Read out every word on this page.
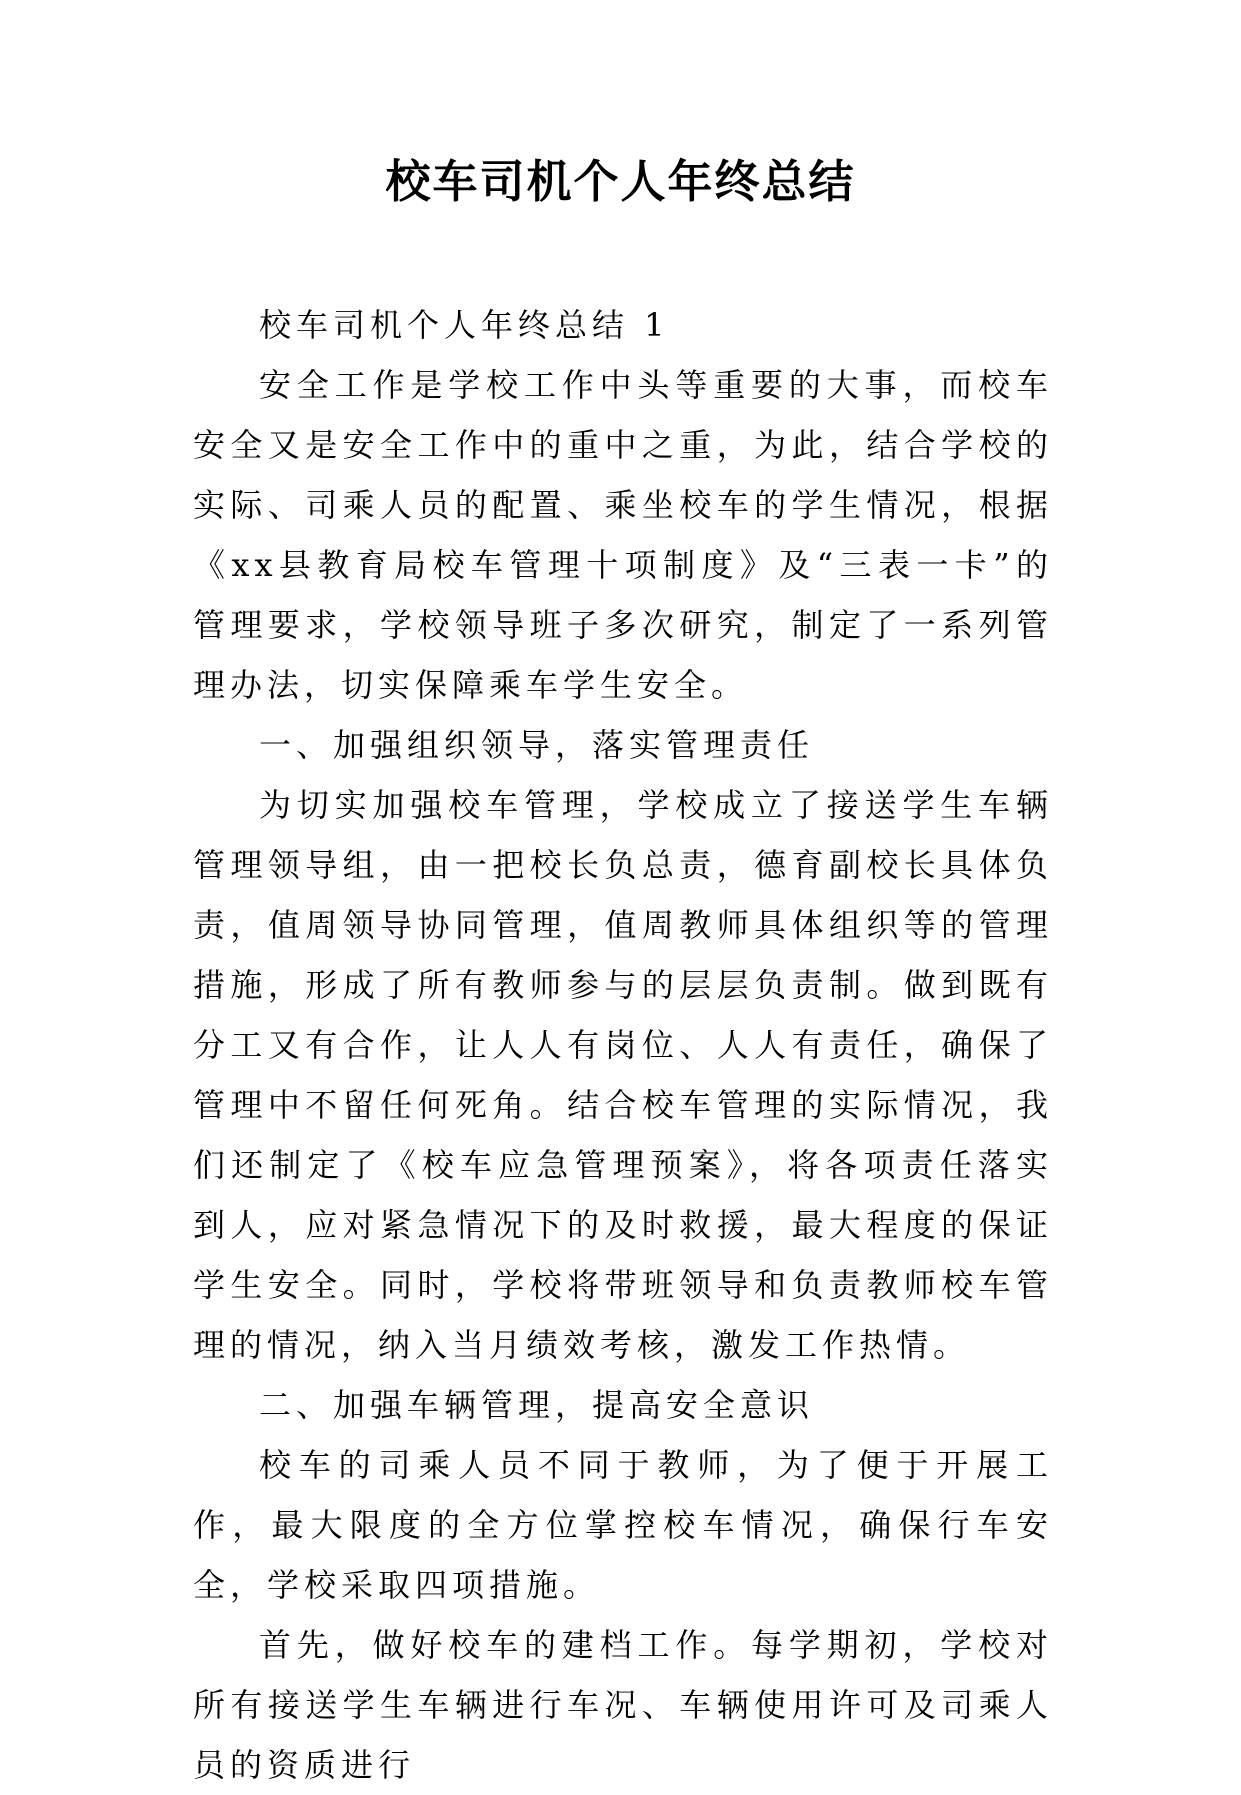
校车司机个人年终总结

校车司机个人年终总结 1

安全工作是学校工作中头等重要的大事，而校车安全又是安全工作中的重中之重，为此，结合学校的实际、司乘人员的配置、乘坐校车的学生情况，根据《xx县教育局校车管理十项制度》及“三表一卡”的管理要求，学校领导班子多次研究，制定了一系列管理办法，切实保障乘车学生安全。

一、加强组织领导，落实管理责任

为切实加强校车管理，学校成立了接送学生车辆管理领导组，由一把校长负总责，德育副校长具体负责，值周领导协同管理，值周教师具体组织等的管理措施，形成了所有教师参与的层层负责制。做到既有分工又有合作，让人人有岗位、人人有责任，确保了管理中不留任何死角。结合校车管理的实际情况，我们还制定了《校车应急管理预案》，将各项责任落实到人，应对紧急情况下的及时救援，最大程度的保证学生安全。同时，学校将带班领导和负责教师校车管理的情况，纳入当月绩效考核，激发工作热情。

二、加强车辆管理，提高安全意识

校车的司乘人员不同于教师，为了便于开展工作，最大限度的全方位掌控校车情况，确保行车安全，学校采取四项措施。

首先，做好校车的建档工作。每学期初，学校对所有接送学生车辆进行车况、车辆使用许可及司乘人员的资质进行
